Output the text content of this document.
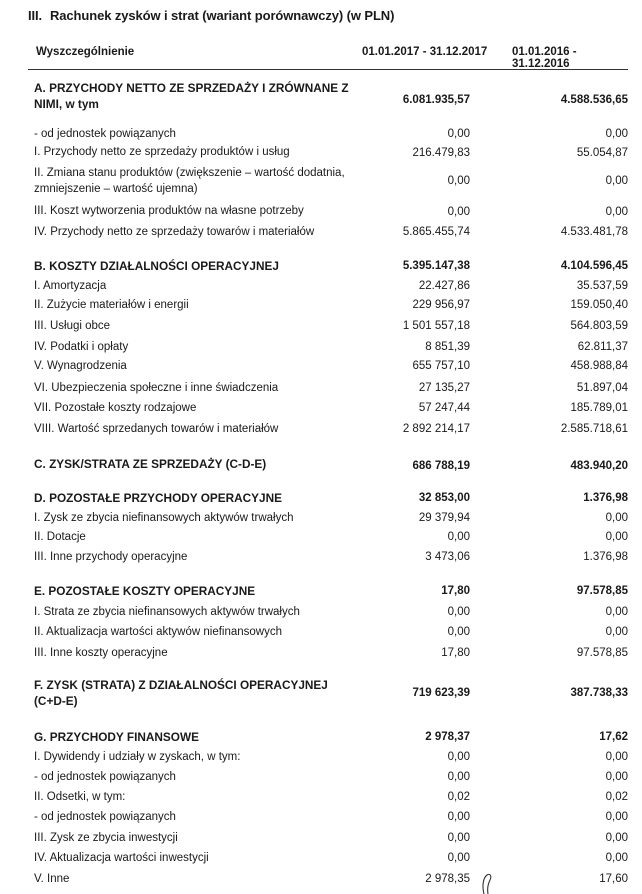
III. Rachunek zysków i strat (wariant porównawczy) (w PLN)
Wyszczególnienie	01.01.2017 - 31.12.2017 01.01.2016 - 31.12.2016
A. PRZYCHODY NETTO ZE SPRZEDAŻY I ZRÓWNANE Z NIMI, w tym	6.081.935,57	4.588.536,65
- od jednostek powiązanych	0,00	0,00
I. Przychody netto ze sprzedaży produktów i usług	216.479,83	55.054,87
II. Zmiana stanu produktów (zwiększenie – wartość dodatnia, zmniejszenie – wartość ujemna)
0,00	0,00
III. Koszt wytworzenia produktów na własne potrzeby	0,00	0,00
IV. Przychody netto ze sprzedaży towarów i materiałów	5.865.455,74	4.533.481,78
B. KOSZTY DZIAŁALNOŚCI OPERACYJNEJ	5.395.147,38	4.104.596,45
I. Amortyzacja	22.427,86	35.537,59
II. Zużycie materiałów i energii	229 956,97	159.050,40
III. Usługi obce	1 501 557,18	564.803,59
IV. Podatki i opłaty	8 851,39	62.811,37
V. Wynagrodzenia	655 757,10	458.988,84
VI. Ubezpieczenia społeczne i inne świadczenia	27 135,27	51.897,04
VII. Pozostałe koszty rodzajowe	57 247,44	185.789,01
VIII. Wartość sprzedanych towarów i materiałów	2 892 214,17	2.585.718,61
C. ZYSK/STRATA ZE SPRZEDAŻY (C-D-E)	686 788,19	483.940,20
D. POZOSTAŁE PRZYCHODY OPERACYJNE	32 853,00	1.376,98
I. Zysk ze zbycia niefinansowych aktywów trwałych	29 379,94	0,00
II. Dotacje	0,00	0,00
III. Inne przychody operacyjne	3 473,06	1.376,98
E. POZOSTAŁE KOSZTY OPERACYJNE	17,80	97.578,85
I. Strata ze zbycia niefinansowych aktywów trwałych	0,00	0,00
II. Aktualizacja wartości aktywów niefinansowych	0,00	0,00
III. Inne koszty operacyjne	17,80	97.578,85
F. ZYSK (STRATA) Z DZIAŁALNOŚCI OPERACYJNEJ (C+D-E)
719 623,39	387.738,33
G. PRZYCHODY FINANSOWE	2 978,37	17,62
I. Dywidendy i udziały w zyskach, w tym:	0,00	0,00
- od jednostek powiązanych	0,00	0,00
II. Odsetki, w tym:	0,02	0,02
- od jednostek powiązanych	0,00	0,00
III. Zysk ze zbycia inwestycji	0,00	0,00
IV. Aktualizacja wartości inwestycji	0,00	0,00
V. Inne	2 978,35	17,60
